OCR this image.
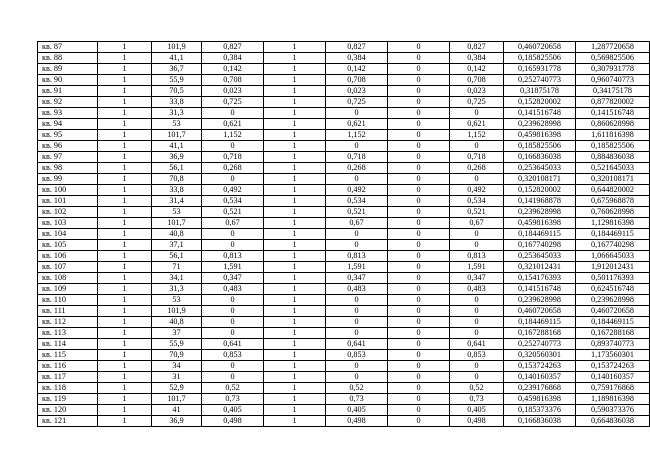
кв. 87	1	101,9	0,827	1	0,827	0	0,827	0,460720658	1,287720658
кв. 88	1	41,1	0,384	1	0,384	0	0,384	0,185825506	0,569825506
кв. 89	1	36,7	0,142	1	0,142	0	0,142	0,165931778	0,307931778
кв. 90	1	55,9	0,708	1	0,708	0	0,708	0,252740773	0,960740773
кв. 91	1	70,5	0,023	1	0,023	0	0,023	0,31875178	0,34175178
кв. 92	1	33,8	0,725	1	0,725	0	0,725	0,152820002	0,877820002
кв. 93	1	31,3	0	1	0	0	0	0,141516748	0,141516748
кв. 94	1	53	0,621	1	0,621	0	0,621	0,239628998	0,860628998
кв. 95	1	101,7	1,152	1	1,152	0	1,152	0,459816398	1,611816398
кв. 96	1	41,1	0	1	0	0	0	0,185825506	0,185825506
кв. 97	1	36,9	0,718	1	0,718	0	0,718	0,166836038	0,884836038
кв. 98	1	56,1	0,268	1	0,268	0	0,268	0,253645033	0,521645033
кв. 99	1	70,8	0	1	0	0	0	0,320108171	0,320108171
кв. 100	1	33,8	0,492	1	0,492	0	0,492	0,152820002	0,644820002
кв. 101	1	31,4	0,534	1	0,534	0	0,534	0,141968878	0,675968878
кв. 102	1	53	0,521	1	0,521	0	0,521	0,239628998	0,760628998
кв. 103	1	101,7	0,67	1	0,67	0	0,67	0,459816398	1,129816398
кв. 104	1	40,8	0	1	0	0	0	0,184469115	0,184469115
кв. 105	1	37,1	0	1	0	0	0	0,167740298	0,167740298
кв. 106	1	56,1	0,813	1	0,813	0	0,813	0,253645033	1,066645033
кв. 107	1	71	1,591	1	1,591	0	1,591	0,321012431	1,912012431
кв. 108	1	34,1	0,347	1	0,347	0	0,347	0,154176393	0,501176393
кв. 109	1	31,3	0,483	1	0,483	0	0,483	0,141516748	0,624516748
кв. 110	1	53	0	1	0	0	0	0,239628998	0,239628998
кв. 111	1	101,9	0	1	0	0	0	0,460720658	0,460720658
кв. 112	1	40,8	0	1	0	0	0	0,184469115	0,184469115
кв. 113	1	37	0	1	0	0	0	0,167288168	0,167288168
кв. 114	1	55,9	0,641	1	0,641	0	0,641	0,252740773	0,893740773
кв. 115	1	70,9	0,853	1	0,853	0	0,853	0,320560301	1,173560301
кв. 116	1	34	0	1	0	0	0	0,153724263	0,153724263
кв. 117	1	31	0	1	0	0	0	0,140160357	0,140160357
кв. 118	1	52,9	0,52	1	0,52	0	0,52	0,239176868	0,759176868
кв. 119	1	101,7	0,73	1	0,73	0	0,73	0,459816398	1,189816398
кв. 120	1	41	0,405	1	0,405	0	0,405	0,185373376	0,590373376
кв. 121	1	36,9	0,498	1	0,498	0	0,498	0,166836038	0,664836038
